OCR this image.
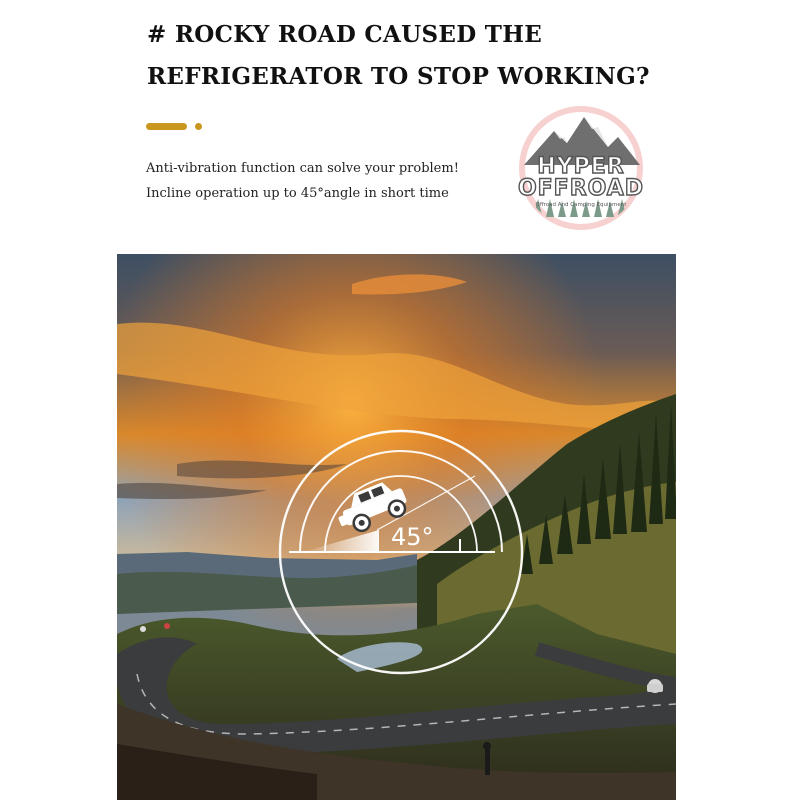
# ROCKY ROAD CAUSED THE
REFRIGERATOR TO STOP WORKING?
Anti-vibration function can solve your problem!
Incline operation up to 45°angle in short time
HYPER
OFFROAD
Offroad And Camping Equipment
45°
